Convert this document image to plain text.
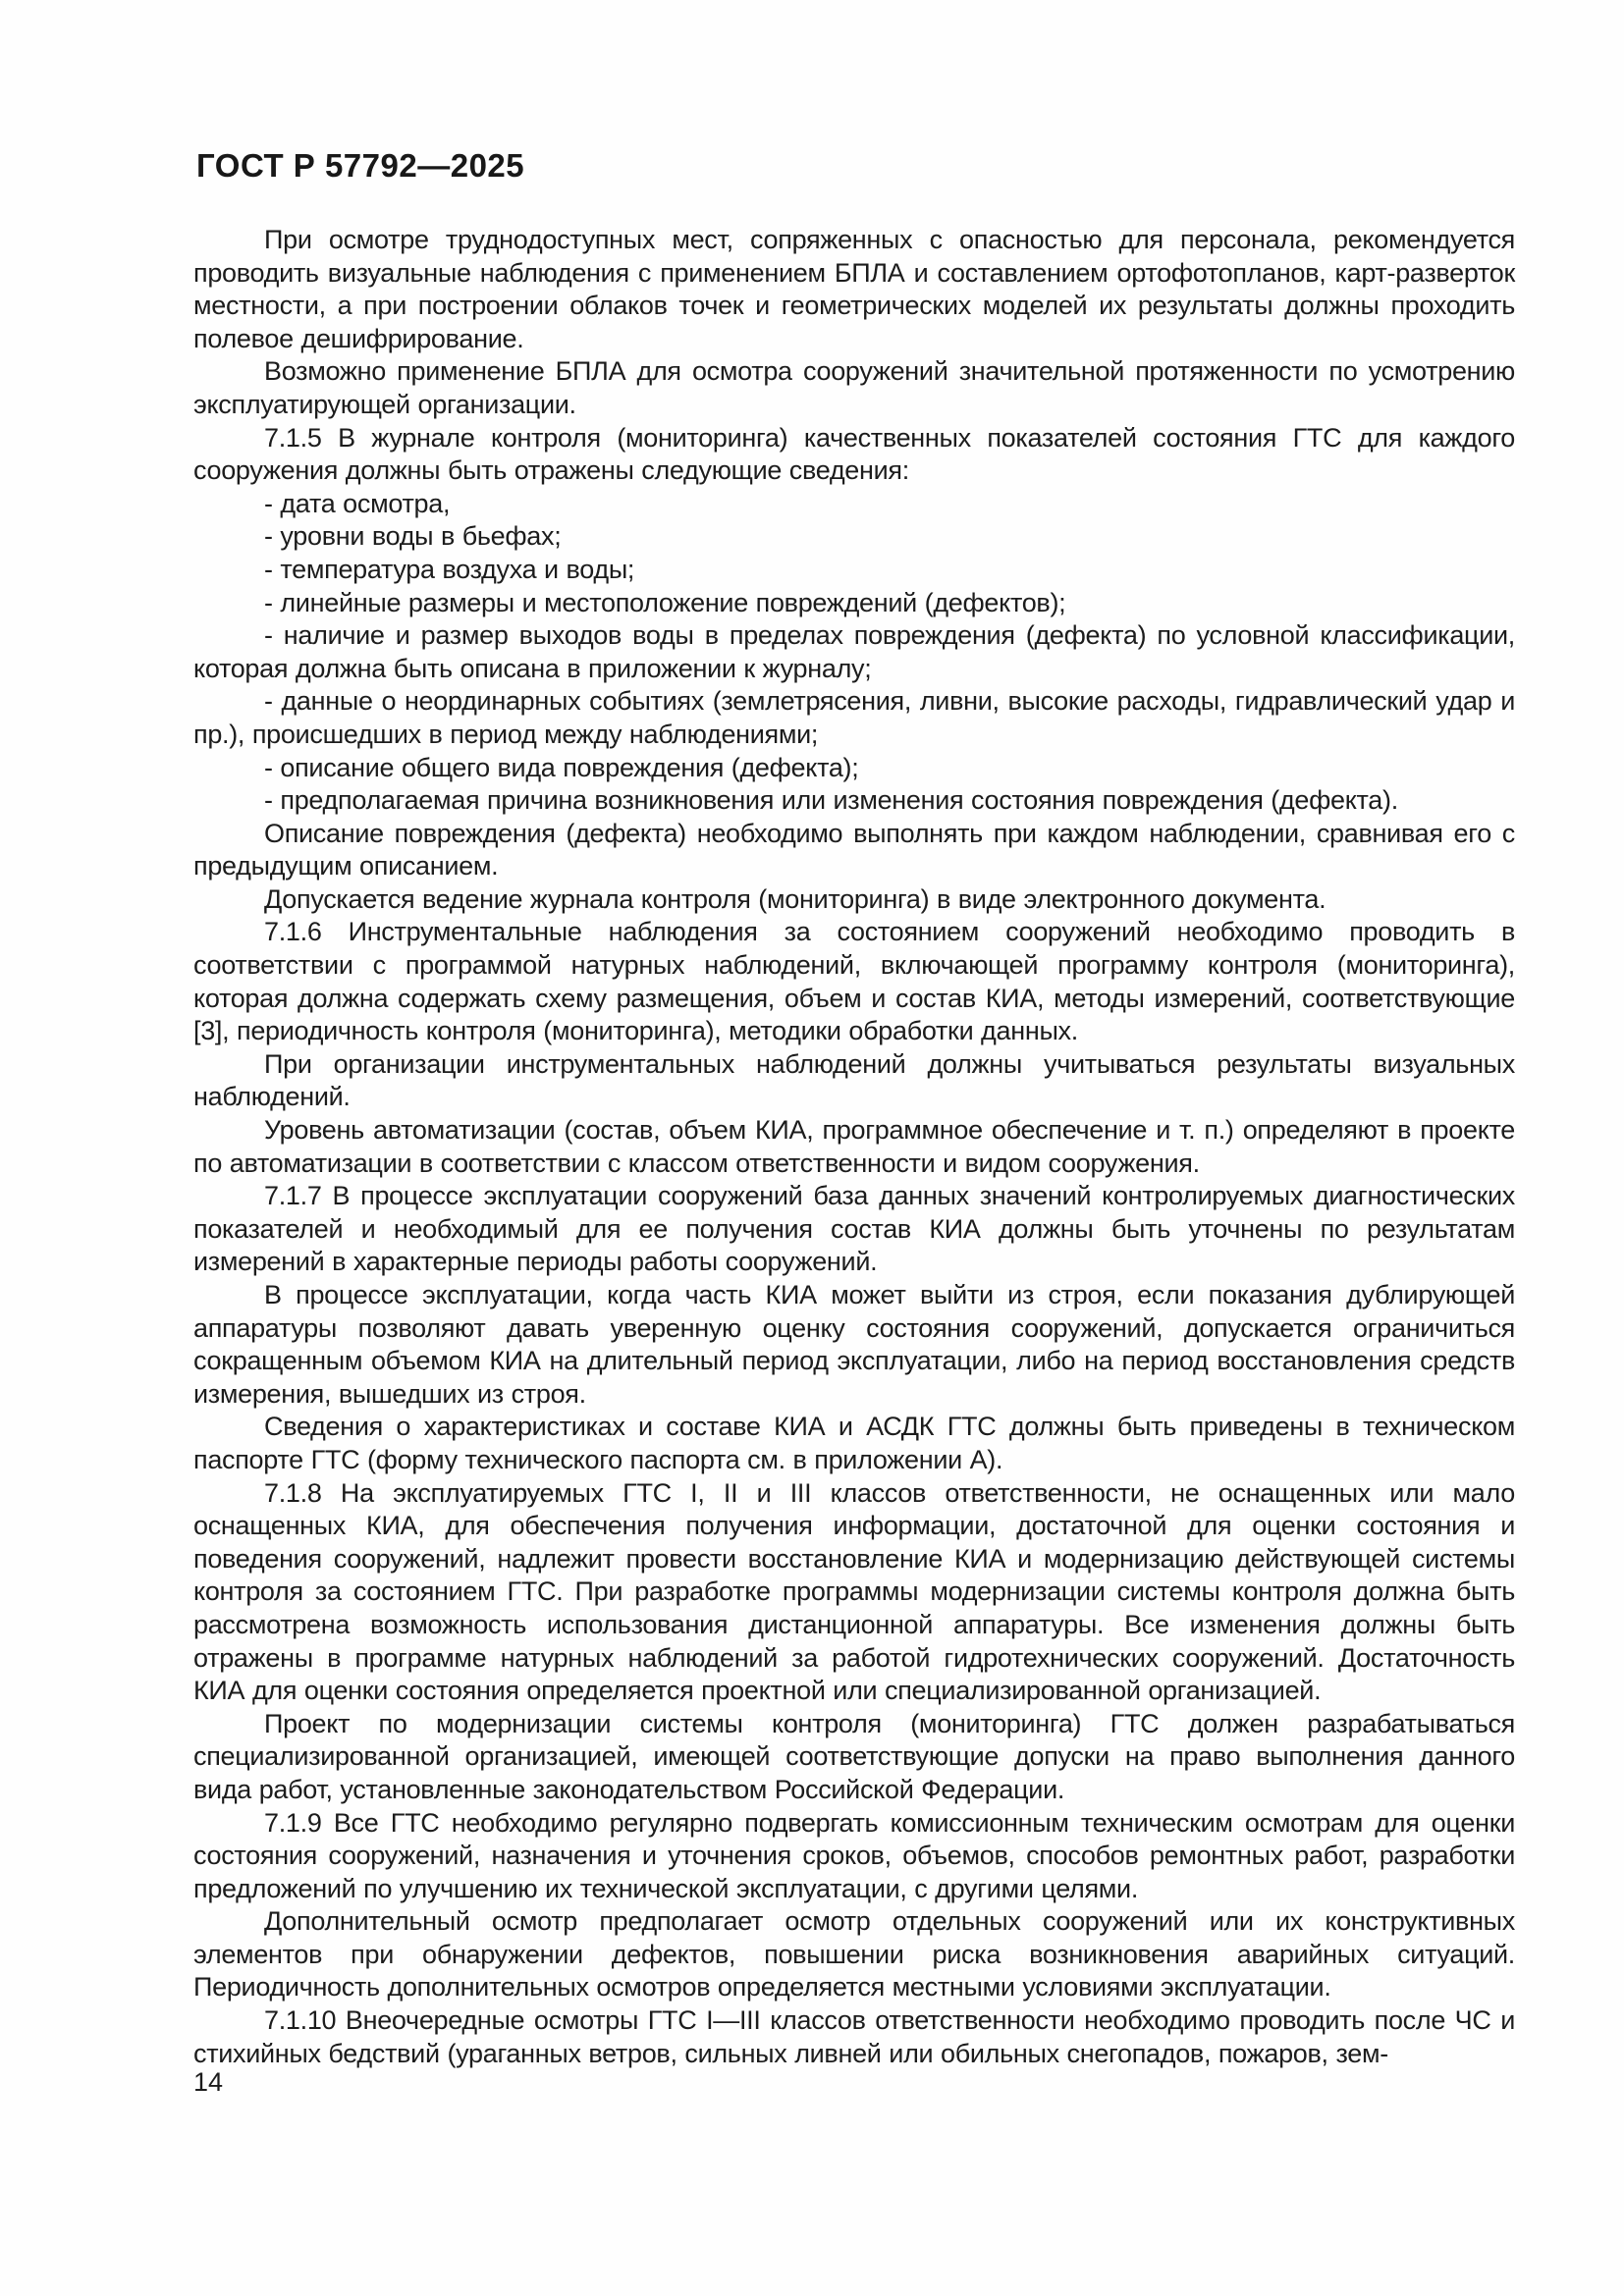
ГОСТ Р 57792—2025

При осмотре труднодоступных мест, сопряженных с опасностью для персонала, рекомендуется проводить визуальные наблюдения с применением БПЛА и составлением ортофотопланов, карт-разверток местности, а при построении облаков точек и геометрических моделей их результаты должны проходить полевое дешифрирование.

Возможно применение БПЛА для осмотра сооружений значительной протяженности по усмотрению эксплуатирующей организации.

7.1.5 В журнале контроля (мониторинга) качественных показателей состояния ГТС для каждого сооружения должны быть отражены следующие сведения:

- дата осмотра,

- уровни воды в бьефах;

- температура воздуха и воды;

- линейные размеры и местоположение повреждений (дефектов);

- наличие и размер выходов воды в пределах повреждения (дефекта) по условной классификации, которая должна быть описана в приложении к журналу;

- данные о неординарных событиях (землетрясения, ливни, высокие расходы, гидравлический удар и пр.), происшедших в период между наблюдениями;

- описание общего вида повреждения (дефекта);

- предполагаемая причина возникновения или изменения состояния повреждения (дефекта).

Описание повреждения (дефекта) необходимо выполнять при каждом наблюдении, сравнивая его с предыдущим описанием.

Допускается ведение журнала контроля (мониторинга) в виде электронного документа.

7.1.6 Инструментальные наблюдения за состоянием сооружений необходимо проводить в соответствии с программой натурных наблюдений, включающей программу контроля (мониторинга), которая должна содержать схему размещения, объем и состав КИА, методы измерений, соответствующие [3], периодичность контроля (мониторинга), методики обработки данных.

При организации инструментальных наблюдений должны учитываться результаты визуальных наблюдений.

Уровень автоматизации (состав, объем КИА, программное обеспечение и т. п.) определяют в проекте по автоматизации в соответствии с классом ответственности и видом сооружения.

7.1.7 В процессе эксплуатации сооружений база данных значений контролируемых диагностических показателей и необходимый для ее получения состав КИА должны быть уточнены по результатам измерений в характерные периоды работы сооружений.

В процессе эксплуатации, когда часть КИА может выйти из строя, если показания дублирующей аппаратуры позволяют давать уверенную оценку состояния сооружений, допускается ограничиться сокращенным объемом КИА на длительный период эксплуатации, либо на период восстановления средств измерения, вышедших из строя.

Сведения о характеристиках и составе КИА и АСДК ГТС должны быть приведены в техническом паспорте ГТС (форму технического паспорта см. в приложении А).

7.1.8 На эксплуатируемых ГТС I, II и III классов ответственности, не оснащенных или мало оснащенных КИА, для обеспечения получения информации, достаточной для оценки состояния и поведения сооружений, надлежит провести восстановление КИА и модернизацию действующей системы контроля за состоянием ГТС. При разработке программы модернизации системы контроля должна быть рассмотрена возможность использования дистанционной аппаратуры. Все изменения должны быть отражены в программе натурных наблюдений за работой гидротехнических сооружений. Достаточность КИА для оценки состояния определяется проектной или специализированной организацией.

Проект по модернизации системы контроля (мониторинга) ГТС должен разрабатываться специализированной организацией, имеющей соответствующие допуски на право выполнения данного вида работ, установленные законодательством Российской Федерации.

7.1.9 Все ГТС необходимо регулярно подвергать комиссионным техническим осмотрам для оценки состояния сооружений, назначения и уточнения сроков, объемов, способов ремонтных работ, разработки предложений по улучшению их технической эксплуатации, с другими целями.

Дополнительный осмотр предполагает осмотр отдельных сооружений или их конструктивных элементов при обнаружении дефектов, повышении риска возникновения аварийных ситуаций. Периодичность дополнительных осмотров определяется местными условиями эксплуатации.

7.1.10 Внеочередные осмотры ГТС I—III классов ответственности необходимо проводить после ЧС и стихийных бедствий (ураганных ветров, сильных ливней или обильных снегопадов, пожаров, зем-

14
